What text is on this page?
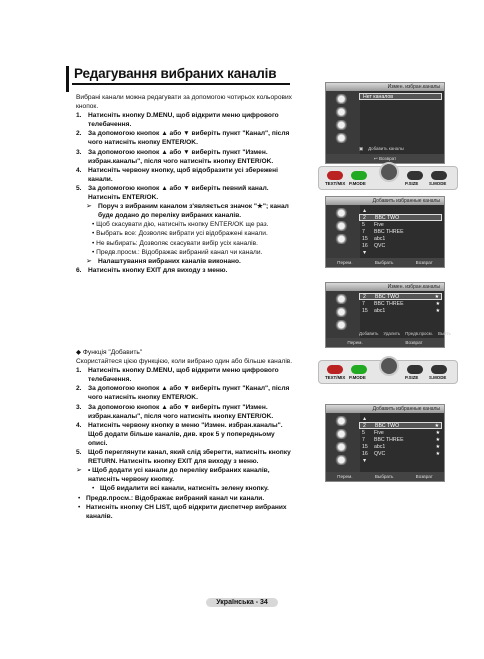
Редагування вибраних каналів

Вибрані канали можна редагувати за допомогою чотирьох кольорових кнопок.

1. Натисніть кнопку D.MENU, щоб відкрити меню цифрового телебачення.
2. За допомогою кнопок ▲ або ▼ виберіть пункт "Канал", після чого натисніть кнопку ENTER/OK.
3. За допомогою кнопок ▲ або ▼ виберіть пункт "Измен. избран.каналы", після чого натисніть кнопку ENTER/OK.
4. Натисніть червону кнопку, щоб відобразити усі збережені канали.
5. За допомогою кнопок ▲ або ▼ виберіть певний канал. Натисніть ENTER/OK.
➢ Поруч з вибраним каналом з'являється значок "★"; канал буде додано до переліку вибраних каналів.
• Щоб скасувати дію, натисніть кнопку ENTER/OK ще раз.
• Выбрать все: Дозволяє вибрати усі відображені канали.
• Не выбирать: Дозволяє скасувати вибір усіх каналів.
• Предв.просм.: Відображає вибраний канал чи канали.
➢ Налаштування вибраних каналів виконано.
6. Натисніть кнопку EXIT для виходу з меню.

◆ Функція "Добавить"

Скористайтеся цією функцією, коли вибрано один або більше каналів.

1. Натисніть кнопку D.MENU, щоб відкрити меню цифрового телебачення.
2. За допомогою кнопок ▲ або ▼ виберіть пункт "Канал", після чого натисніть кнопку ENTER/OK.
3. За допомогою кнопок ▲ або ▼ виберіть пункт "Измен. избран.каналы", після чого натисніть кнопку ENTER/OK.
4. Натисніть червону кнопку в меню "Измен. избран.каналы". Щоб додати більше каналів, див. крок 5 у попередньому описі.
5. Щоб переглянути канал, який слід зберегти, натисніть кнопку RETURN. Натисніть кнопку EXIT для виходу з меню.
➢ • Щоб додати усі канали до переліку вибраних каналів, натисніть червону кнопку.
• Щоб видалити всі канали, натисніть зелену кнопку.
• Предв.просм.: Відображає вибраний канал чи канали.
• Натисніть кнопку CH LIST, щоб відкрити диспетчер вибраних каналів.
Измен. избран.каналы
Нет каналов
▣ Добавить каналы
↩ Возврат
TEXT/MIX P.MODE	P.SIZE S.MODE
Добавить избранные каналы
▲
2	BBC TWO
5	Five
7	BBC THREE
15	abc1
16	QVC
▼
Перем.	Выбрать	Возврат
Измен. избран.каналы
2	BBC TWO	★
7	BBC THREE	★
15	abc1	★
Добавить Удалить Предв.просм. Выйть
Перем.	Возврат
TEXT/MIX P.MODE	P.SIZE S.MODE
Добавить избранные каналы
▲
2	BBC TWO	★
5	Five	★
7	BBC THREE	★
15	abc1	★
16	QVC	★
▼
Перем.	Выбрать	Возврат
Українська - 34
